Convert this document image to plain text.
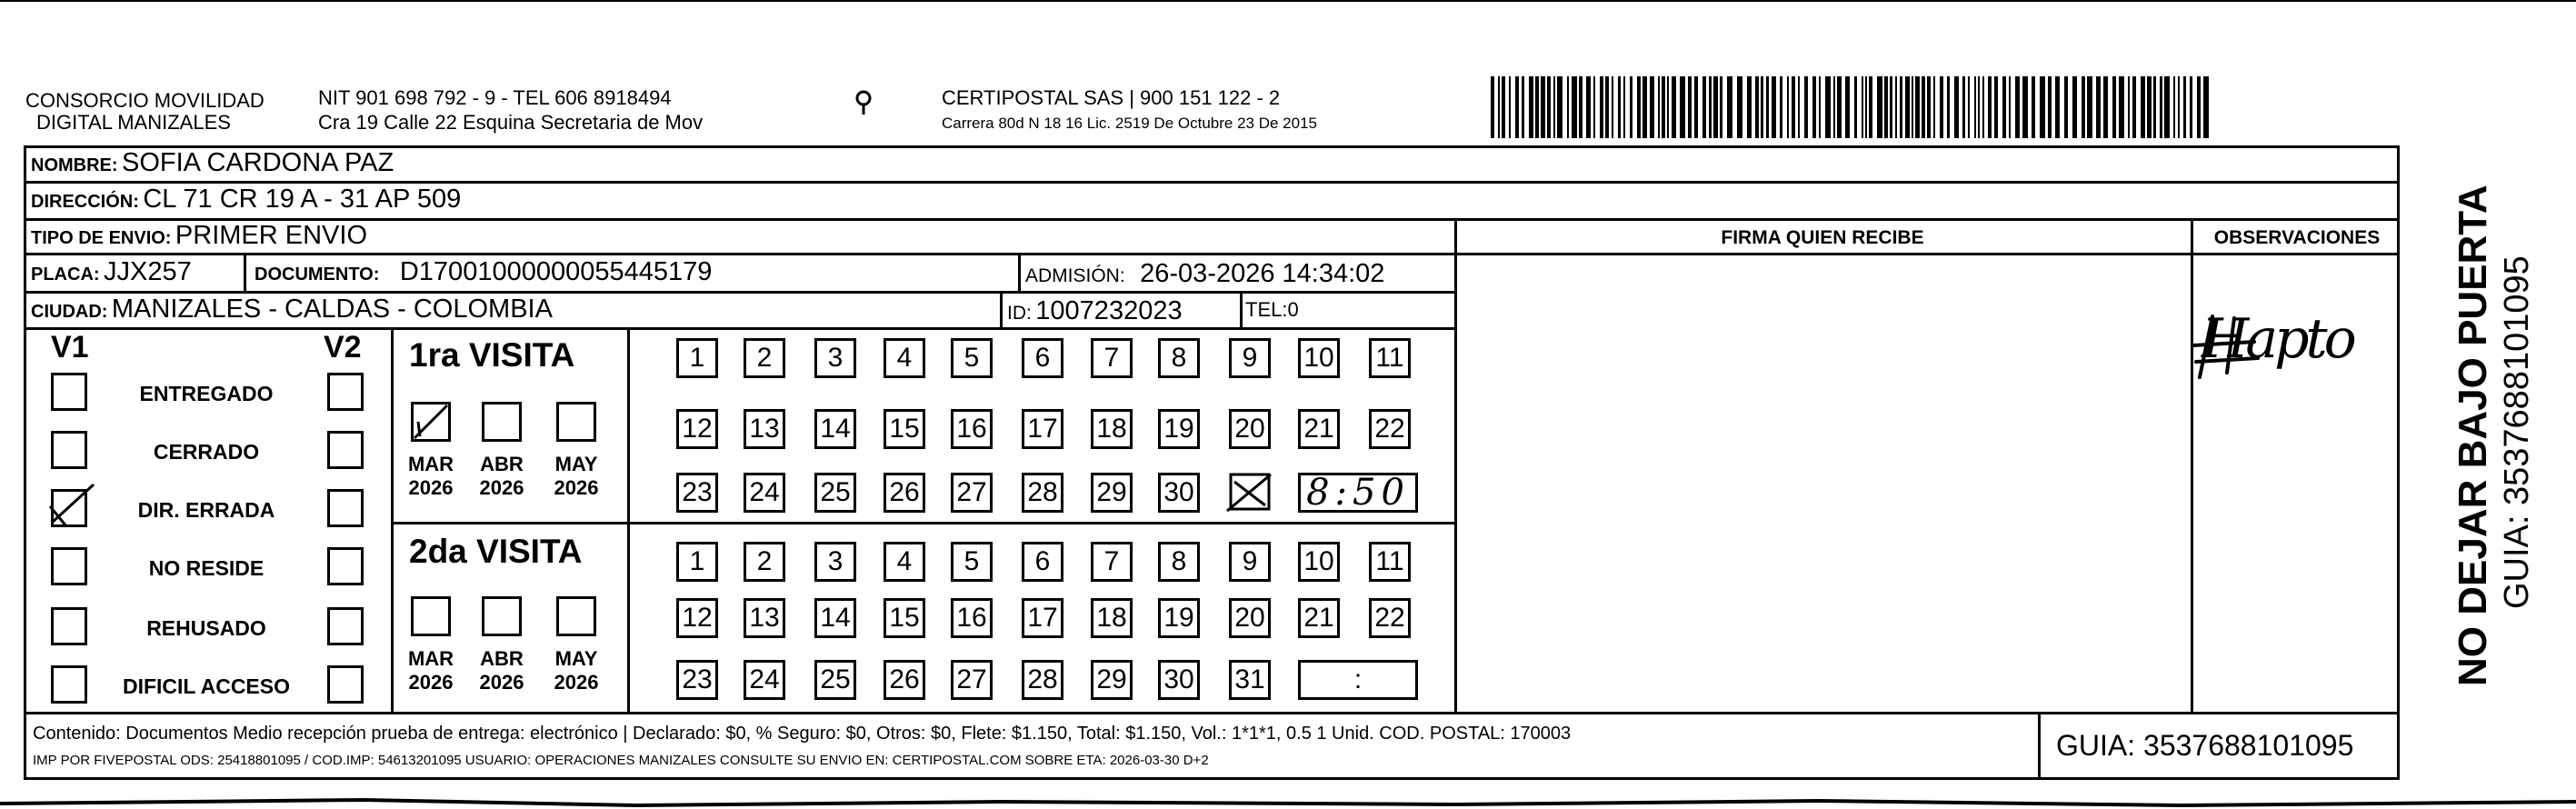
CONSORCIO MOVILIDAD
DIGITAL MANIZALES
NIT 901 698 792 - 9 - TEL 606 8918494
Cra 19 Calle 22 Esquina Secretaria de Mov
CERTIPOSTAL SAS | 900 151 122 - 2
Carrera 80d N 18 16 Lic. 2519 De Octubre 23 De 2015
NOMBRE: SOFIA CARDONA PAZ
DIRECCIÓN: CL 71 CR 19 A - 31 AP 509
TIPO DE ENVIO: PRIMER ENVIO	FIRMA QUIEN RECIBE	OBSERVACIONES
PLACA: JJX257	DOCUMENTO: D17001000000055445179	ADMISIÓN: 26-03-2026 14:34:02
CIUDAD: MANIZALES - CALDAS - COLOMBIA	ID: 1007232023	TEL:0
V1	V2
ENTREGADO
CERRADO
DIR. ERRADA
NO RESIDE
REHUSADO
DIFICIL ACCESO
1ra VISITA
2da VISITA
MAR
2026
ABR
2026
MAY
2026
MAR
2026
ABR
2026
MAY
2026
1 2 3 4 5 6 7 8 9 10 11
12 13 14 15 16 17 18 19 20 21 22
23 24 25 26 27 28 29 30	8:50
1 2 3 4 5 6 7 8 9 10 11
12 13 14 15 16 17 18 19 20 21 22
23 24 25 26 27 28 29 30 31	:
Hapto
Contenido: Documentos Medio recepción prueba de entrega: electrónico | Declarado: $0, % Seguro: $0, Otros: $0, Flete: $1.150, Total: $1.150, Vol.: 1*1*1, 0.5 1 Unid. COD. POSTAL: 170003
IMP POR FIVEPOSTAL ODS: 25418801095 / COD.IMP: 54613201095 USUARIO: OPERACIONES MANIZALES CONSULTE SU ENVIO EN: CERTIPOSTAL.COM SOBRE ETA: 2026-03-30 D+2	GUIA: 3537688101095
NO DEJAR BAJO PUERTA GUIA: 3537688101095
